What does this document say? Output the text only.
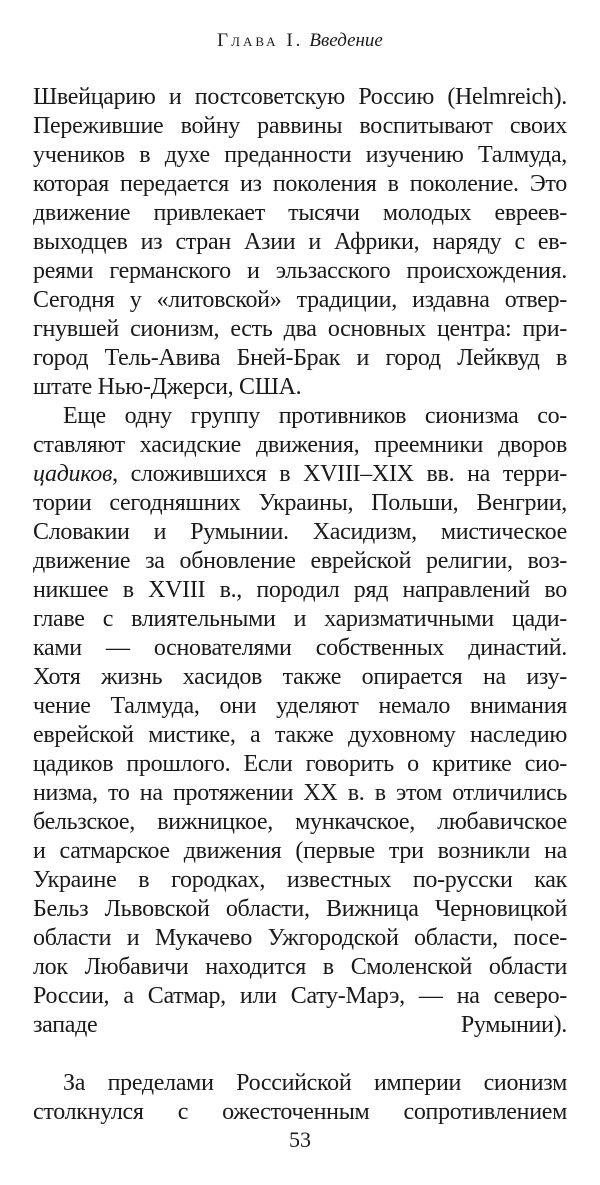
Глава I. Введение
Швейцарию и постсоветскую Россию (Helmreich).
Пережившие войну раввины воспитывают своих
учеников в духе преданности изучению Талмуда,
которая передается из поколения в поколение. Это
движение привлекает тысячи молодых евреев-
выходцев из стран Азии и Африки, наряду с ев-
реями германского и эльзасского происхождения.
Сегодня у «литовской» традиции, издавна отвер-
гнувшей сионизм, есть два основных центра: при-
город Тель-Авива Бней-Брак и город Лейквуд в
штате Нью-Джерси, США.
Еще одну группу противников сионизма со-
ставляют хасидские движения, преемники дворов
цадиков, сложившихся в XVIII–XIX вв. на терри-
тории сегодняшних Украины, Польши, Венгрии,
Словакии и Румынии. Хасидизм, мистическое
движение за обновление еврейской религии, воз-
никшее в XVIII в., породил ряд направлений во
главе с влиятельными и харизматичными цади-
ками — основателями собственных династий.
Хотя жизнь хасидов также опирается на изу-
чение Талмуда, они уделяют немало внимания
еврейской мистике, а также духовному наследию
цадиков прошлого. Если говорить о критике сио-
низма, то на протяжении XX в. в этом отличились
бельзское, вижницкое, мункачское, любавичское
и сатмарское движения (первые три возникли на
Украине в городках, известных по-русски как
Бельз Львовской области, Вижница Черновицкой
области и Мукачево Ужгородской области, посе-
лок Любавичи находится в Смоленской области
России, а Сатмар, или Сату-Марэ, — на северо-
западе Румынии).
За пределами Российской империи сионизм
столкнулся с ожесточенным сопротивлением
53
